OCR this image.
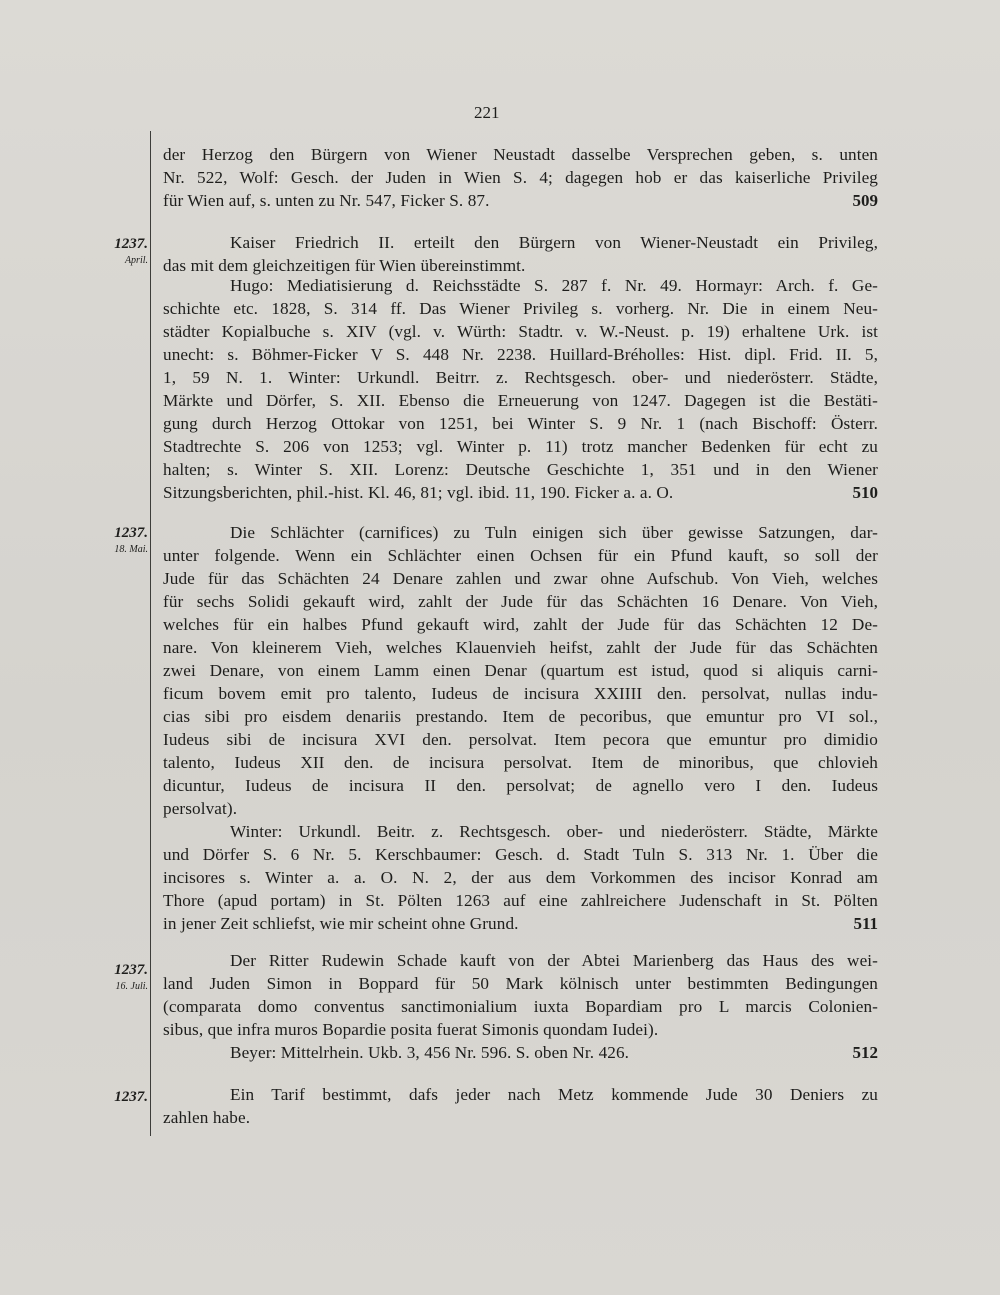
221
der Herzog den Bürgern von Wiener Neustadt dasselbe Versprechen geben, s. unten
Nr. 522, Wolf: Gesch. der Juden in Wien S. 4; dagegen hob er das kaiserliche Privileg
für Wien auf, s. unten zu Nr. 547, Ficker S. 87.	509
1237.
April.
Kaiser Friedrich II. erteilt den Bürgern von Wiener-Neustadt ein Privileg,
das mit dem gleichzeitigen für Wien übereinstimmt.
Hugo: Mediatisierung d. Reichsstädte S. 287 f. Nr. 49. Hormayr: Arch. f. Ge-
schichte etc. 1828, S. 314 ff. Das Wiener Privileg s. vorherg. Nr. Die in einem Neu-
städter Kopialbuche s. XIV (vgl. v. Würth: Stadtr. v. W.-Neust. p. 19) erhaltene Urk. ist
unecht: s. Böhmer-Ficker V S. 448 Nr. 2238. Huillard-Bréholles: Hist. dipl. Frid. II. 5,
1, 59 N. 1. Winter: Urkundl. Beitrr. z. Rechtsgesch. ober- und niederösterr. Städte,
Märkte und Dörfer, S. XII. Ebenso die Erneuerung von 1247. Dagegen ist die Bestäti-
gung durch Herzog Ottokar von 1251, bei Winter S. 9 Nr. 1 (nach Bischoff: Österr.
Stadtrechte S. 206 von 1253; vgl. Winter p. 11) trotz mancher Bedenken für echt zu
halten; s. Winter S. XII. Lorenz: Deutsche Geschichte 1, 351 und in den Wiener
Sitzungsberichten, phil.-hist. Kl. 46, 81; vgl. ibid. 11, 190. Ficker a. a. O.	510
1237.
18. Mai.
Die Schlächter (carnifices) zu Tuln einigen sich über gewisse Satzungen, dar-
unter folgende. Wenn ein Schlächter einen Ochsen für ein Pfund kauft, so soll der
Jude für das Schächten 24 Denare zahlen und zwar ohne Aufschub. Von Vieh, welches
für sechs Solidi gekauft wird, zahlt der Jude für das Schächten 16 Denare. Von Vieh,
welches für ein halbes Pfund gekauft wird, zahlt der Jude für das Schächten 12 De-
nare. Von kleinerem Vieh, welches Klauenvieh heifst, zahlt der Jude für das Schächten
zwei Denare, von einem Lamm einen Denar (quartum est istud, quod si aliquis carni-
ficum bovem emit pro talento, Iudeus de incisura XXIIII den. persolvat, nullas indu-
cias sibi pro eisdem denariis prestando. Item de pecoribus, que emuntur pro VI sol.,
Iudeus sibi de incisura XVI den. persolvat. Item pecora que emuntur pro dimidio
talento, Iudeus XII den. de incisura persolvat. Item de minoribus, que chlovieh
dicuntur, Iudeus de incisura II den. persolvat; de agnello vero I den. Iudeus
persolvat).
Winter: Urkundl. Beitr. z. Rechtsgesch. ober- und niederösterr. Städte, Märkte
und Dörfer S. 6 Nr. 5. Kerschbaumer: Gesch. d. Stadt Tuln S. 313 Nr. 1. Über die
incisores s. Winter a. a. O. N. 2, der aus dem Vorkommen des incisor Konrad am
Thore (apud portam) in St. Pölten 1263 auf eine zahlreichere Judenschaft in St. Pölten
in jener Zeit schliefst, wie mir scheint ohne Grund.	511
1237.
16. Juli.
Der Ritter Rudewin Schade kauft von der Abtei Marienberg das Haus des wei-
land Juden Simon in Boppard für 50 Mark kölnisch unter bestimmten Bedingungen
(comparata domo conventus sanctimonialium iuxta Bopardiam pro L marcis Colonien-
sibus, que infra muros Bopardie posita fuerat Simonis quondam Iudei).
Beyer: Mittelrhein. Ukb. 3, 456 Nr. 596. S. oben Nr. 426.	512
1237.	Ein Tarif bestimmt, dafs jeder nach Metz kommende Jude 30 Deniers zu
zahlen habe.
